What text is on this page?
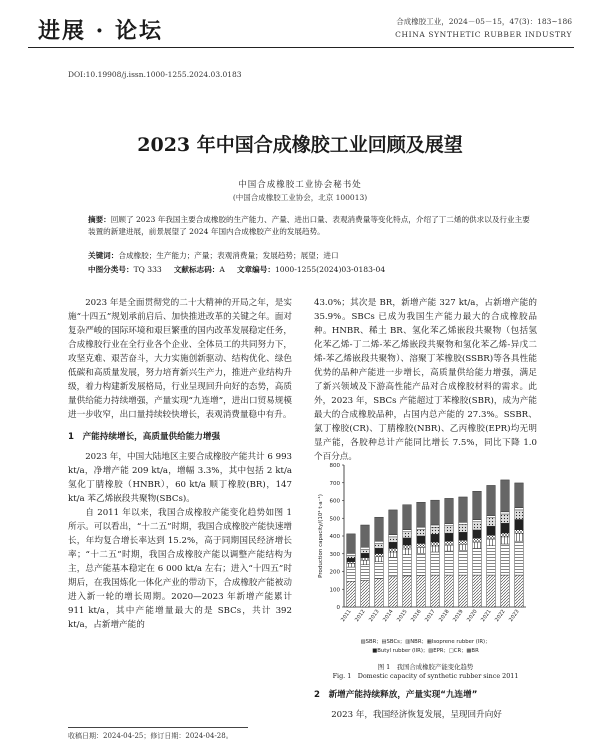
进展 · 论坛	合成橡胶工业，2024－05－15，47(3)：183~186
CHINA SYNTHETIC RUBBER INDUSTRY
DOI:10.19908/j.issn.1000-1255.2024.03.0183
2023 年中国合成橡胶工业回顾及展望
中国合成橡胶工业协会秘书处
(中国合成橡胶工业协会，北京 100013)
摘要：回顾了 2023 年我国主要合成橡胶的生产能力、产量、进出口量、表观消费量等变化特点，介绍了丁二烯的供求以及行业主要装置的新建进展，前景展望了 2024 年国内合成橡胶产业的发展趋势。
关键词：合成橡胶；生产能力；产量；表观消费量；发展趋势；展望；进口
中图分类号：TQ 333 文献标志码：A 文章编号：1000-1255(2024)03-0183-04

2023 年是全面贯彻党的二十大精神的开局之年，是实施“十四五”规划承前启后、加快推进改革的关键之年。面对复杂严峻的国际环境和艰巨繁重的国内改革发展稳定任务，合成橡胶行业在全行业各个企业、全体员工的共同努力下，攻坚克难、艰苦奋斗，大力实施创新驱动、结构优化、绿色低碳和高质量发展，努力培育新兴生产力，推进产业结构升级，着力构建新发展格局，行业呈现回升向好的态势，高质量供给能力持续增强，产量实现“九连增”，进出口贸易规模进一步收窄，出口量持续较快增长，表观消费量稳中有升。

1　产能持续增长，高质量供给能力增强

2023 年，中国大陆地区主要合成橡胶产能共计 6 993 kt/a，净增产能 209 kt/a，增幅 3.3%，其中包括 2 kt/a 氢化丁腈橡胶（HNBR），60 kt/a 顺丁橡胶(BR)，147 kt/a 苯乙烯嵌段共聚物(SBCs)。

自 2011 年以来，我国合成橡胶产能变化趋势如图 1 所示。可以看出，“十二五”时期，我国合成橡胶产能快速增长，年均复合增长率达到 15.2%，高于同期国民经济增长率；“十二五”时期，我国合成橡胶产能以调整产能结构为主，总产能基本稳定在 6 000 kt/a 左右；进入“十四五”时期后，在我国炼化一体化产业的带动下，合成橡胶产能被动进入新一轮的增长周期。2020—2023 年新增产能累计 911 kt/a，其中产能增量最大的是 SBCs，共计 392 kt/a，占新增产能的

43.0%；其次是 BR，新增产能 327 kt/a，占新增产能的 35.9%。SBCs 已成为我国生产能力最大的合成橡胶品种。HNBR、稀土 BR、氢化苯乙烯嵌段共聚物（包括氢化苯乙烯-丁二烯-苯乙烯嵌段共聚物和氢化苯乙烯-异戊二烯-苯乙烯嵌段共聚物）、溶聚丁苯橡胶(SSBR)等各具性能优势的品种产能进一步增长，高质量供给能力增强，满足了新兴领域及下游高性能产品对合成橡胶材料的需求。此外，2023 年，SBCs 产能超过丁苯橡胶(SBR)，成为产能最大的合成橡胶品种，占国内总产能的 27.3%。SSBR、氯丁橡胶(CR)、丁腈橡胶(NBR)、乙丙橡胶(EPR)均无明显产能，各胶种总计产能同比增长 7.5%，同比下降 1.0 个百分点。

0
100
200
300
400
500
600
700
800
Production capacity/(10⁴ t·a⁻¹)
2011 2012 2013 2014 2015 2016 2017 2018 2019 2020 2021 2022 2023
▨SBR；▤SBCs；▥NBR；▦Isoprene rubber (IR)；
■Butyl rubber (IIR)；▧EPR；□CR；▩BR
图 1　我国合成橡胶产能变化趋势
Fig. 1　Domestic capacity of synthetic rubber since 2011
2　新增产能持续释放，产量实现“九连增”

2023 年，我国经济恢复发展，呈现回升向好

收稿日期：2024-04-25；修订日期：2024-04-28。
